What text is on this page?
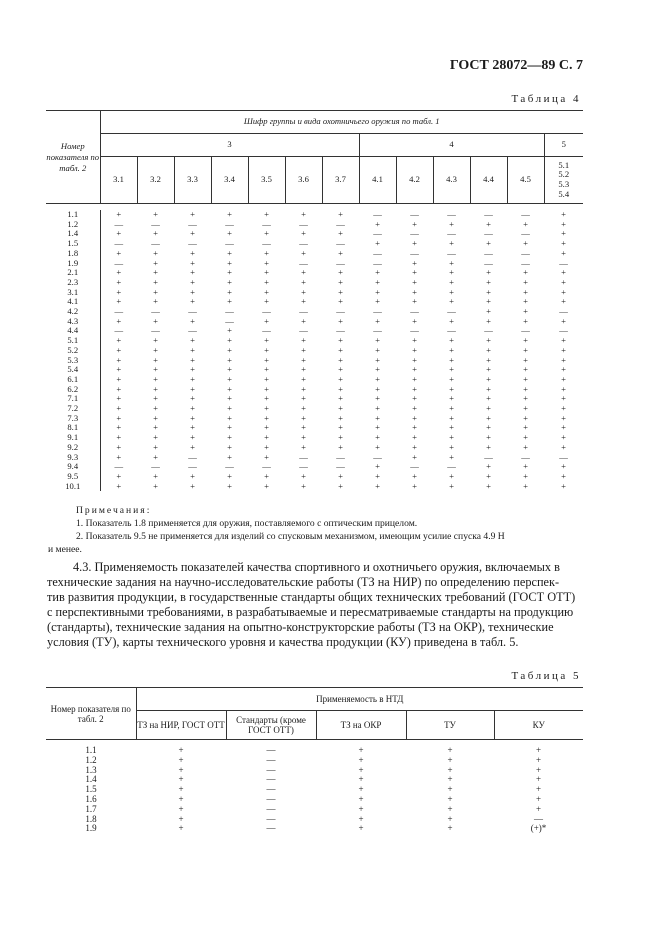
ГОСТ 28072—89 С. 7
Таблица 4
Номер показателя по табл. 2	Шифр группы и вида охотничьего оружия по табл. 1												
	3							4					5
	3.1	3.2	3.3	3.4	3.5	3.6	3.7	4.1	4.2	4.3	4.4	4.5	5.1
5.2
5.3
5.4

1.1	+	+	+	+	+	+	+	—	—	—	—	—	+
1.2	—	—	—	—	—	—	—	+	+	+	+	+	+
1.4	+	+	+	+	+	+	+	—	—	—	—	—	+
1.5	—	—	—	—	—	—	—	+	+	+	+	+	+
1.8	+	+	+	+	+	+	+	—	—	—	—	—	+
1.9	—	+	+	+	+	—	—	—	+	+	—	—	—
2.1	+	+	+	+	+	+	+	+	+	+	+	+	+
2.3	+	+	+	+	+	+	+	+	+	+	+	+	+
3.1	+	+	+	+	+	+	+	+	+	+	+	+	+
4.1	+	+	+	+	+	+	+	+	+	+	+	+	+
4.2	—	—	—	—	—	—	—	—	—	—	+	+	—
4.3	+	+	+	—	+	+	+	+	+	+	+	+	+
4.4	—	—	—	+	—	—	—	—	—	—	—	—	—
5.1	+	+	+	+	+	+	+	+	+	+	+	+	+
5.2	+	+	+	+	+	+	+	+	+	+	+	+	+
5.3	+	+	+	+	+	+	+	+	+	+	+	+	+
5.4	+	+	+	+	+	+	+	+	+	+	+	+	+
6.1	+	+	+	+	+	+	+	+	+	+	+	+	+
6.2	+	+	+	+	+	+	+	+	+	+	+	+	+
7.1	+	+	+	+	+	+	+	+	+	+	+	+	+
7.2	+	+	+	+	+	+	+	+	+	+	+	+	+
7.3	+	+	+	+	+	+	+	+	+	+	+	+	+
8.1	+	+	+	+	+	+	+	+	+	+	+	+	+
9.1	+	+	+	+	+	+	+	+	+	+	+	+	+
9.2	+	+	+	+	+	+	+	+	+	+	+	+	+
9.3	+	+	—	+	+	—	—	—	+	+	—	—	—
9.4	—	—	—	—	—	—	—	+	—	—	+	+	+
9.5	+	+	+	+	+	+	+	+	+	+	+	+	+
10.1	+	+	+	+	+	+	+	+	+	+	+	+	+

Примечания:

1. Показатель 1.8 применяется для оружия, поставляемого с оптическим прицелом.

2. Показатель 9.5 не применяется для изделий со спусковым механизмом, имеющим усилие спуска 4.9 Н

и менее.

4.3. Применяемость показателей качества спортивного и охотничьего оружия, включаемых в
технические задания на научно-исследовательские работы (ТЗ на НИР) по определению перспек-
тив развития продукции, в государственные стандарты общих технических требований (ГОСТ ОТТ)
с перспективными требованиями, в разрабатываемые и пересматриваемые стандарты на продукцию
(стандарты), технические задания на опытно-конструкторские работы (ТЗ на ОКР), технические
условия (ТУ), карты технического уровня и качества продукции (КУ) приведена в табл. 5.
Таблица 5
Номер показателя по табл. 2	Применяемость в НТД				
	ТЗ на НИР, ГОСТ ОТТ	Стандарты (кроме ГОСТ ОТТ)	ТЗ на ОКР	ТУ	КУ

1.1	+	—	+	+	+
1.2	+	—	+	+	+
1.3	+	—	+	+	+
1.4	+	—	+	+	+
1.5	+	—	+	+	+
1.6	+	—	+	+	+
1.7	+	—	+	+	+
1.8	+	—	+	+	—
1.9	+	—	+	+	(+)*
